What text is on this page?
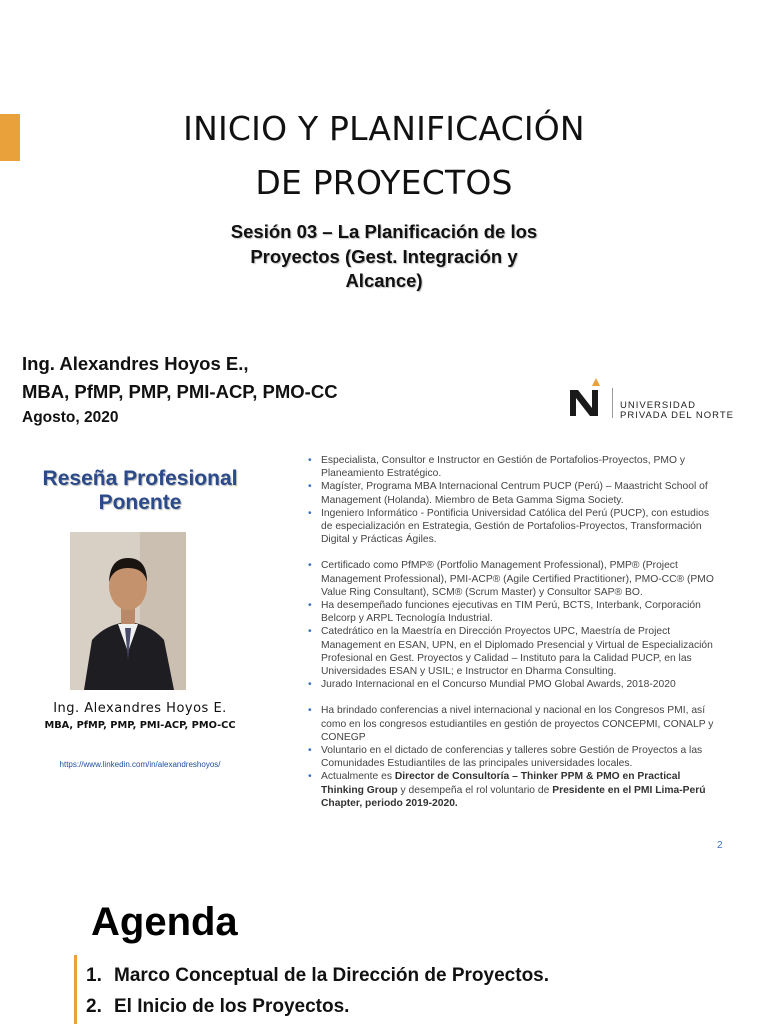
INICIO Y PLANIFICACIÓN
DE PROYECTOS
Sesión 03 – La Planificación de los
Proyectos (Gest. Integración y
Alcance)
Ing. Alexandres Hoyos E.,
MBA, PfMP, PMP, PMI-ACP, PMO-CC
Agosto, 2020
UNIVERSIDAD
PRIVADA DEL NORTE
Reseña Profesional
Ponente
Ing. Alexandres Hoyos E.
MBA, PfMP, PMP, PMI-ACP, PMO-CC
https://www.linkedin.com/in/alexandreshoyos/
• Especialista, Consultor e Instructor en Gestión de Portafolios-Proyectos, PMO y Planeamiento Estratégico.
• Magíster, Programa MBA Internacional Centrum PUCP (Perú) – Maastricht School of Management (Holanda). Miembro de Beta Gamma Sigma Society.
• Ingeniero Informático - Pontificia Universidad Católica del Perú (PUCP), con estudios de especialización en Estrategia, Gestión de Portafolios-Proyectos, Transformación Digital y Prácticas Ágiles.
• Certificado como PfMP® (Portfolio Management Professional), PMP® (Project Management Professional), PMI-ACP® (Agile Certified Practitioner), PMO-CC® (PMO Value Ring Consultant), SCM® (Scrum Master) y Consultor SAP® BO.
• Ha desempeñado funciones ejecutivas en TIM Perú, BCTS, Interbank, Corporación Belcorp y ARPL Tecnología Industrial.
• Catedrático en la Maestría en Dirección Proyectos UPC, Maestría de Project Management en ESAN, UPN, en el Diplomado Presencial y Virtual de Especialización Profesional en Gest. Proyectos y Calidad – Instituto para la Calidad PUCP, en las Universidades ESAN y USIL; e Instructor en Dharma Consulting.
• Jurado Internacional en el Concurso Mundial PMO Global Awards, 2018-2020
• Ha brindado conferencias a nivel internacional y nacional en los Congresos PMI, así como en los congresos estudiantiles en gestión de proyectos CONCEPMI, CONALP y CONEGP
• Voluntario en el dictado de conferencias y talleres sobre Gestión de Proyectos a las Comunidades Estudiantiles de las principales universidades locales.
• Actualmente es Director de Consultoría – Thinker PPM & PMO en Practical Thinking Group y desempeña el rol voluntario de Presidente en el PMI Lima-Perú Chapter, periodo 2019-2020.
2
Agenda
1. Marco Conceptual de la Dirección de Proyectos.
2. El Inicio de los Proyectos.
